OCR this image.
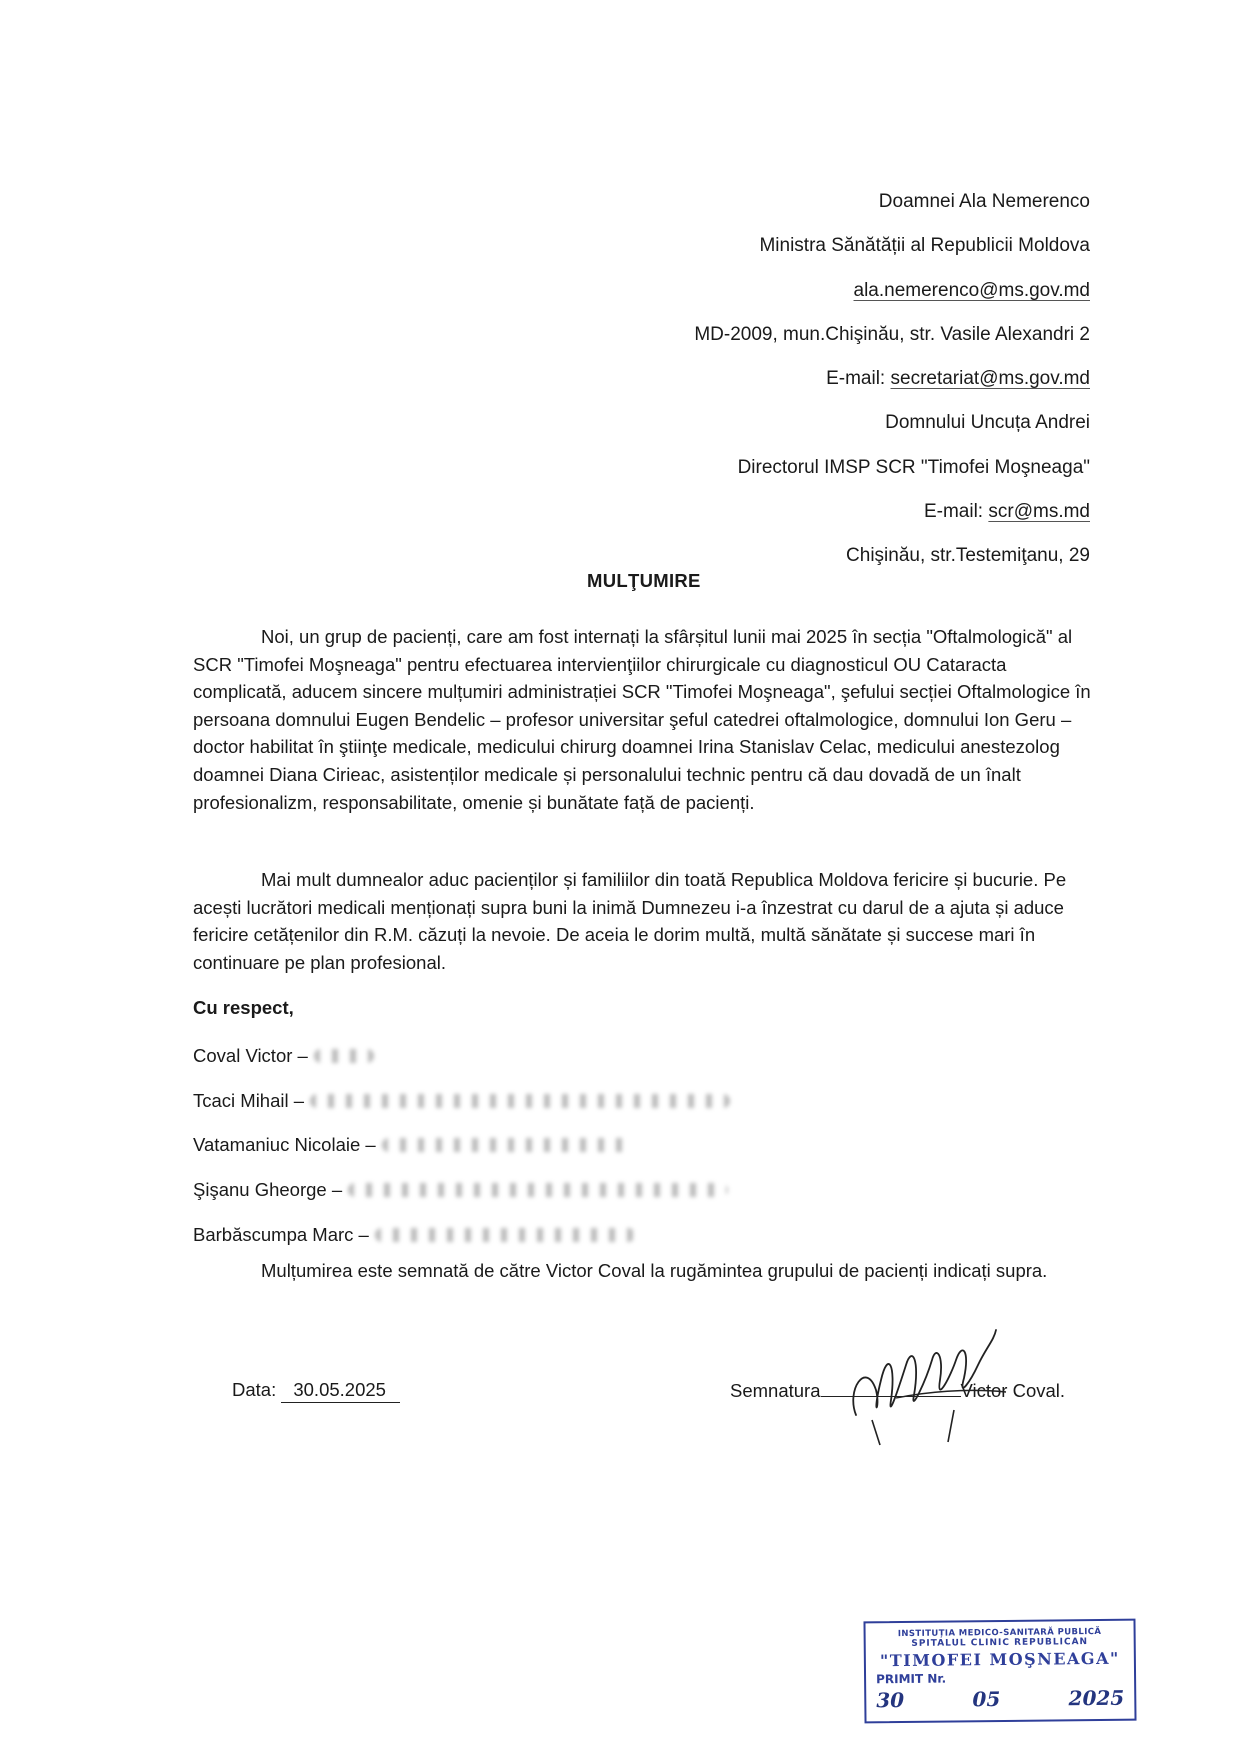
Doamnei Ala Nemerenco
Ministra Sănătății al Republicii Moldova
ala.nemerenco@ms.gov.md
MD-2009, mun.Chişinău, str. Vasile Alexandri 2
E-mail: secretariat@ms.gov.md
Domnului Uncuța Andrei
Directorul IMSP SCR "Timofei Moşneaga"
E-mail: scr@ms.md
Chişinău, str.Testemiţanu, 29
MULŢUMIRE
Noi, un grup de pacienți, care am fost internați la sfârșitul lunii mai 2025 în secția "Oftalmologică" al SCR "Timofei Moşneaga" pentru efectuarea intervienţiilor chirurgicale cu diagnosticul OU Cataracta complicată, aducem sincere mulțumiri administrației SCR "Timofei Moşneaga", şefului secției Oftalmologice în persoana domnului Eugen Bendelic – profesor universitar şeful catedrei oftalmologice, domnului Ion Geru – doctor habilitat în ştiinţe medicale, medicului chirurg doamnei Irina Stanislav Celac, medicului anestezolog doamnei Diana Cirieac, asistenților medicale și personalului technic pentru că dau dovadă de un înalt profesionalizm, responsabilitate, omenie și bunătate față de pacienți.
Mai mult dumnealor aduc pacienților și familiilor din toată Republica Moldova fericire și bucurie. Pe acești lucrători medicali menționați supra buni la inimă Dumnezeu i-a înzestrat cu darul de a ajuta și aduce fericire cetățenilor din R.M. căzuți la nevoie. De aceia le dorim multă, multă sănătate și succese mari în continuare pe plan profesional.
Cu respect,
Coval Victor –
Tcaci Mihail –
Vatamaniuc Nicolaie –
Şişanu Gheorge –
Barbăscumpa Marc –
Mulțumirea este semnată de către Victor Coval la rugămintea grupului de pacienți indicați supra.
Data: 30.05.2025	Semnatura	Victor Coval.
INSTITUȚIA MEDICO-SANITARĂ PUBLICĂ
SPITALUL CLINIC REPUBLICAN
"TIMOFEI MOŞNEAGA"
PRIMIT Nr.
30	05	2025
